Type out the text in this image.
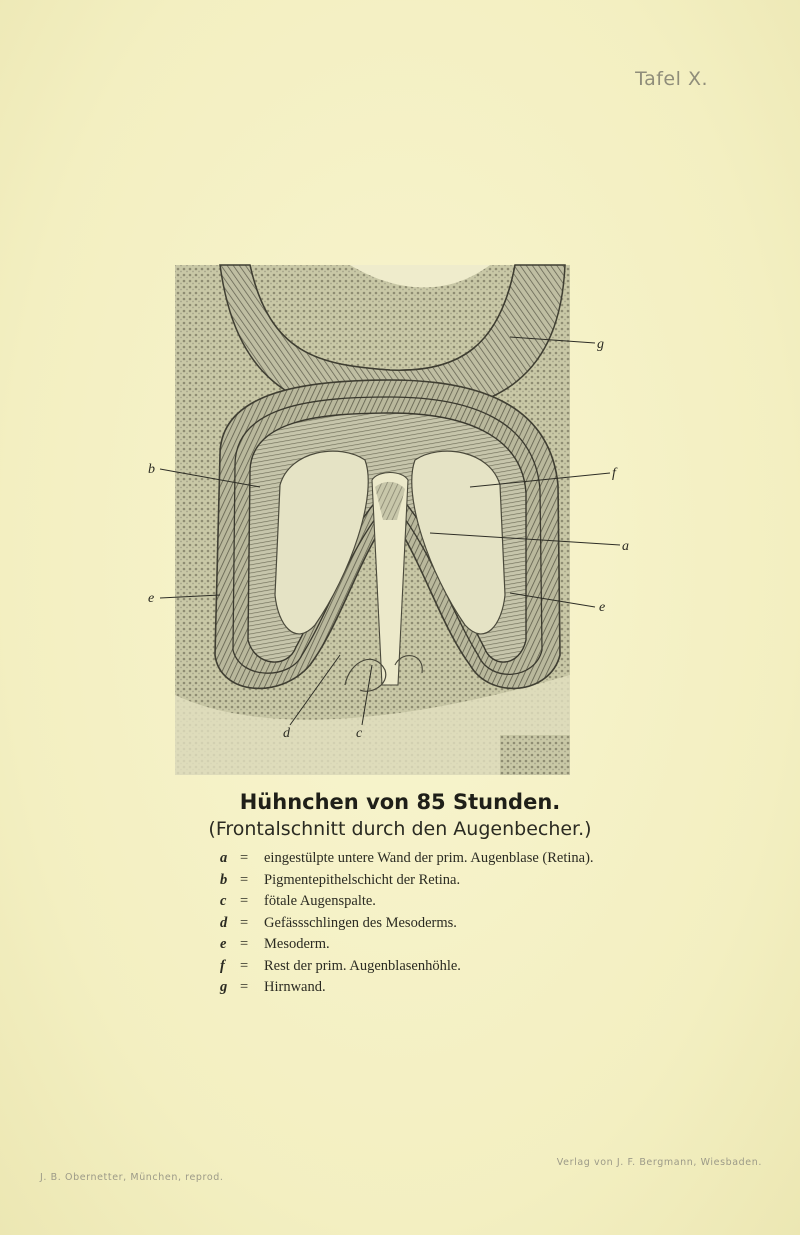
Tafel X.
g
f
a
b
e
e
d	c
Hühnchen von 85 Stunden.
(Frontalschnitt durch den Augenbecher.)
a =	eingestülpte untere Wand der prim. Augenblase (Retina).
b =	Pigmentepithelschicht der Retina.
c =	fötale Augenspalte.
d =	Gefässschlingen des Mesoderms.
e =	Mesoderm.
f	=	Rest der prim. Augenblasenhöhle.
g =	Hirnwand.
J. B. Obernetter, München, reprod.
Verlag von J. F. Bergmann, Wiesbaden.
